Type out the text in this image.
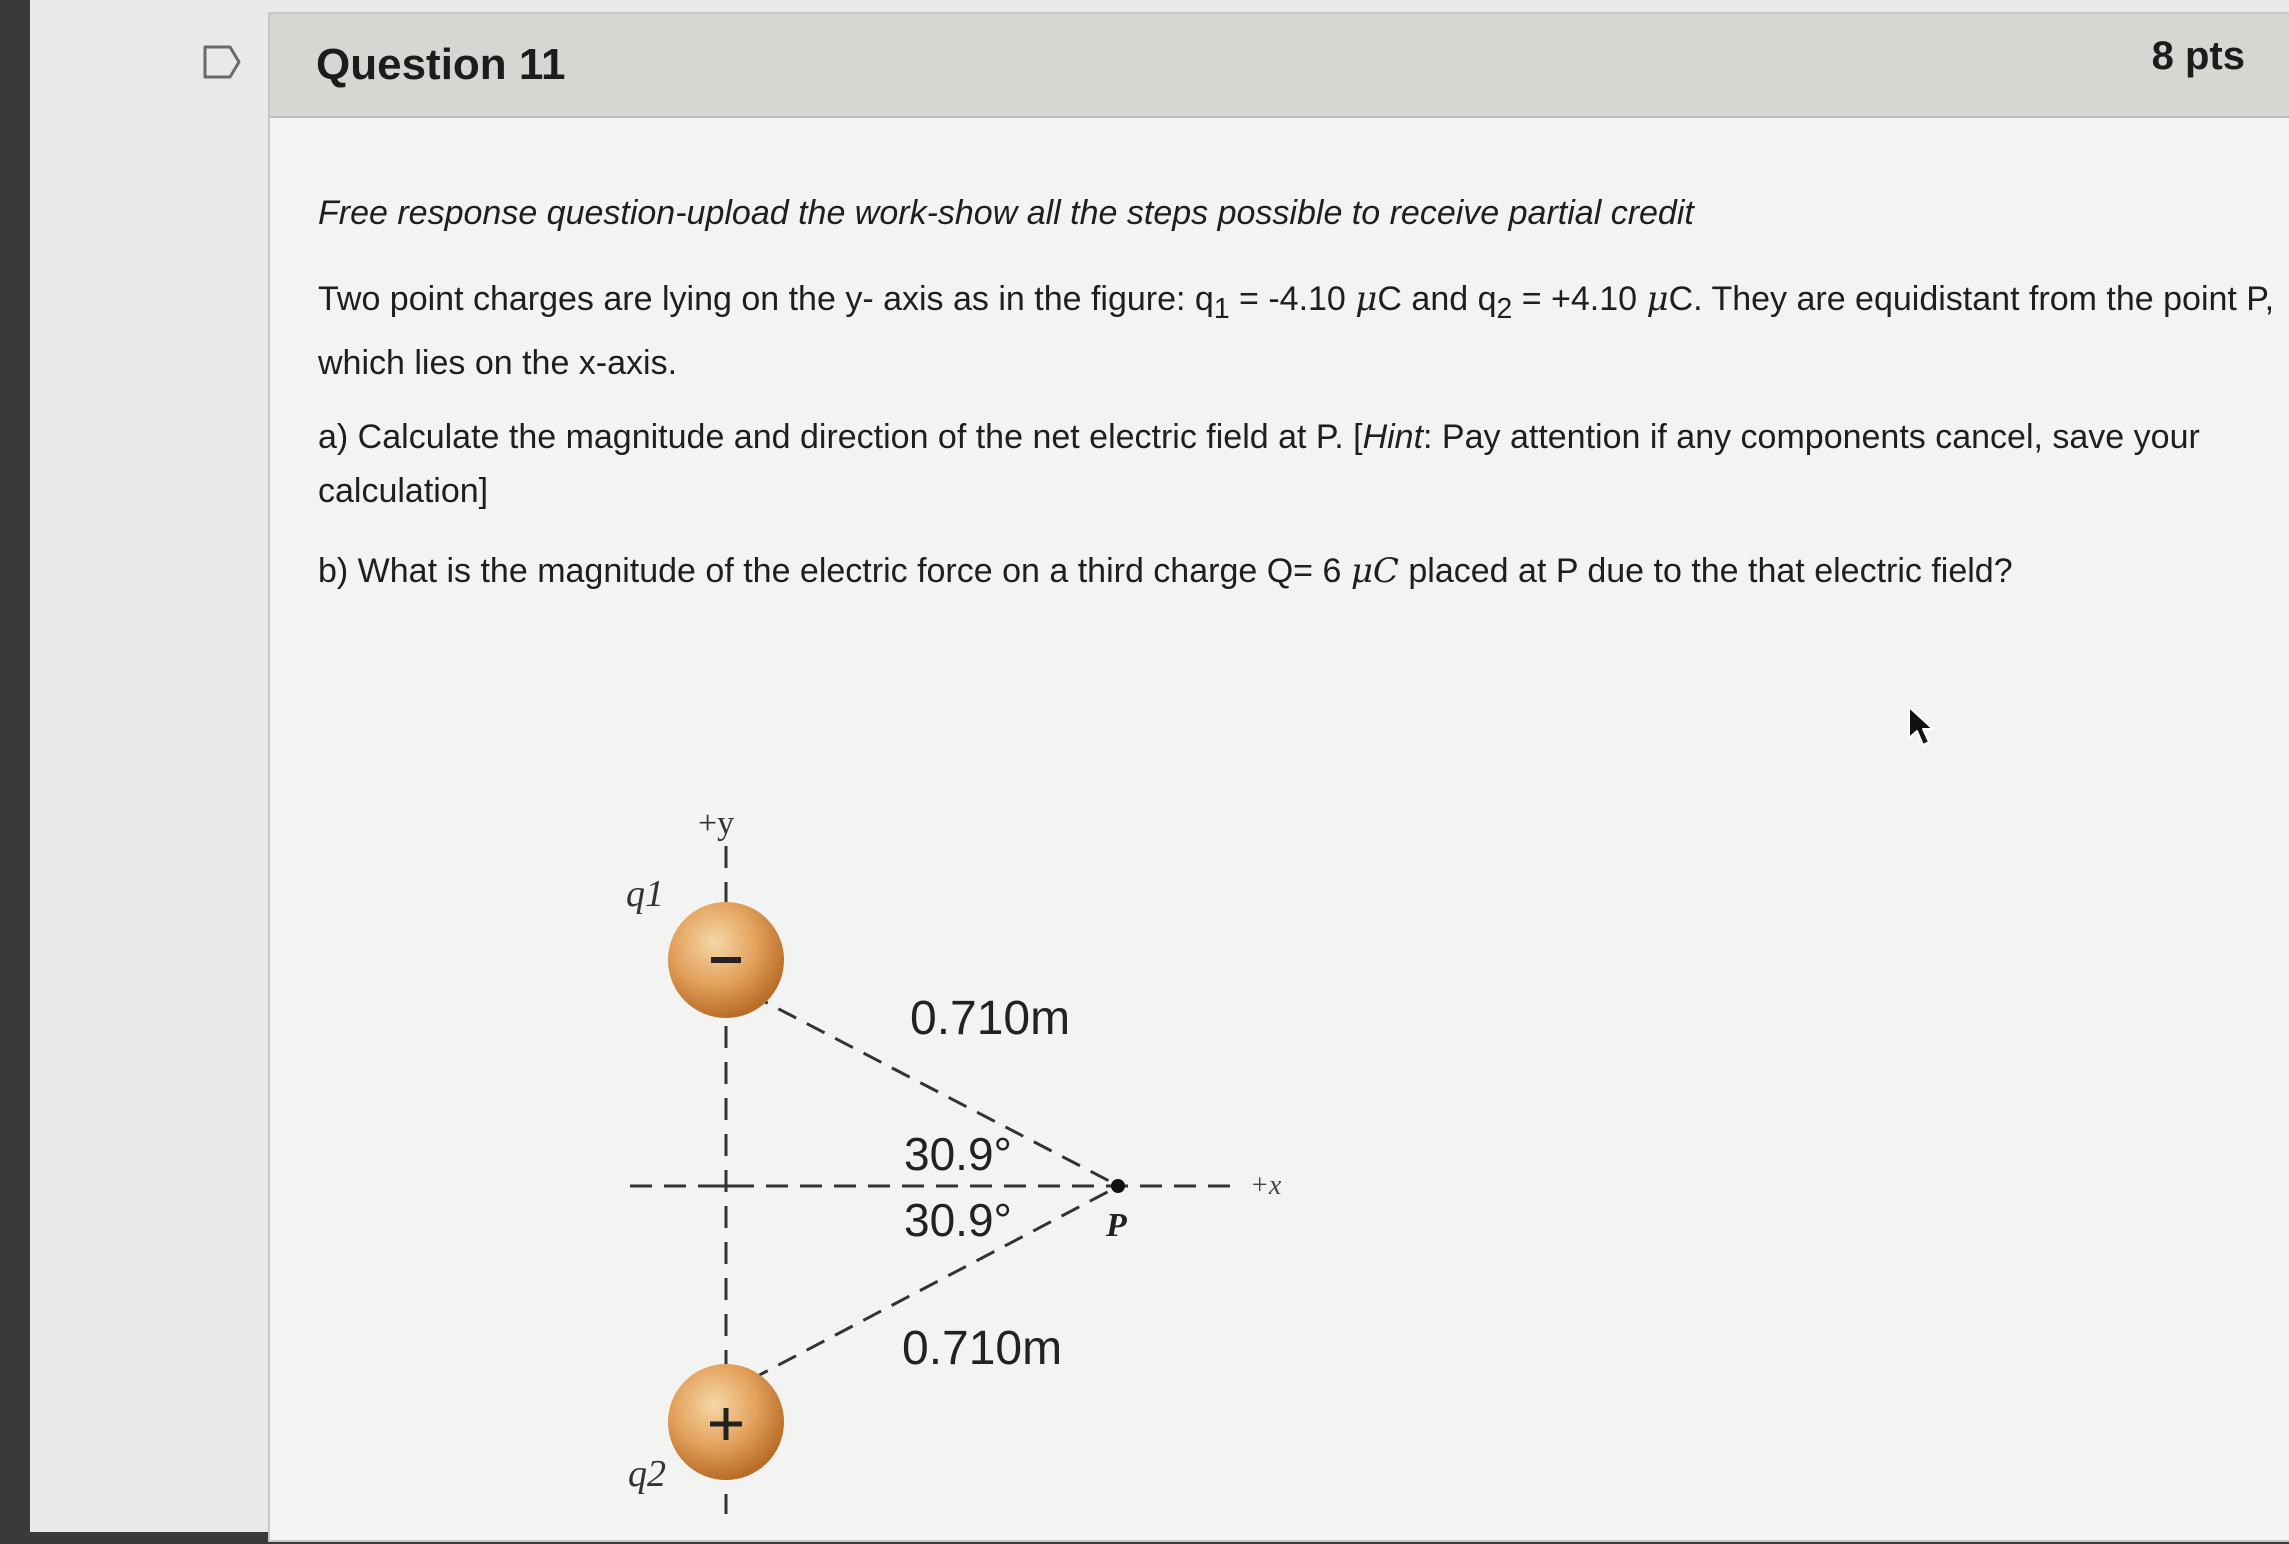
Question 11	8 pts
Free response question-upload the work-show all the steps possible to receive partial credit
Two point charges are lying on the y- axis as in the figure: $q_1 = -4.10$ μC and $q_2 = +4.10$ μC. They are equidistant from the point P, which lies on the x-axis.
a) Calculate the magnitude and direction of the net electric field at P. [Hint: Pay attention if any components cancel, save your calculation]
b) What is the magnitude of the electric force on a third charge Q= 6 μC placed at P due to the that electric field?
+y
+x
q1
q2
0.710m
0.710m
30.9°
30.9°	P
